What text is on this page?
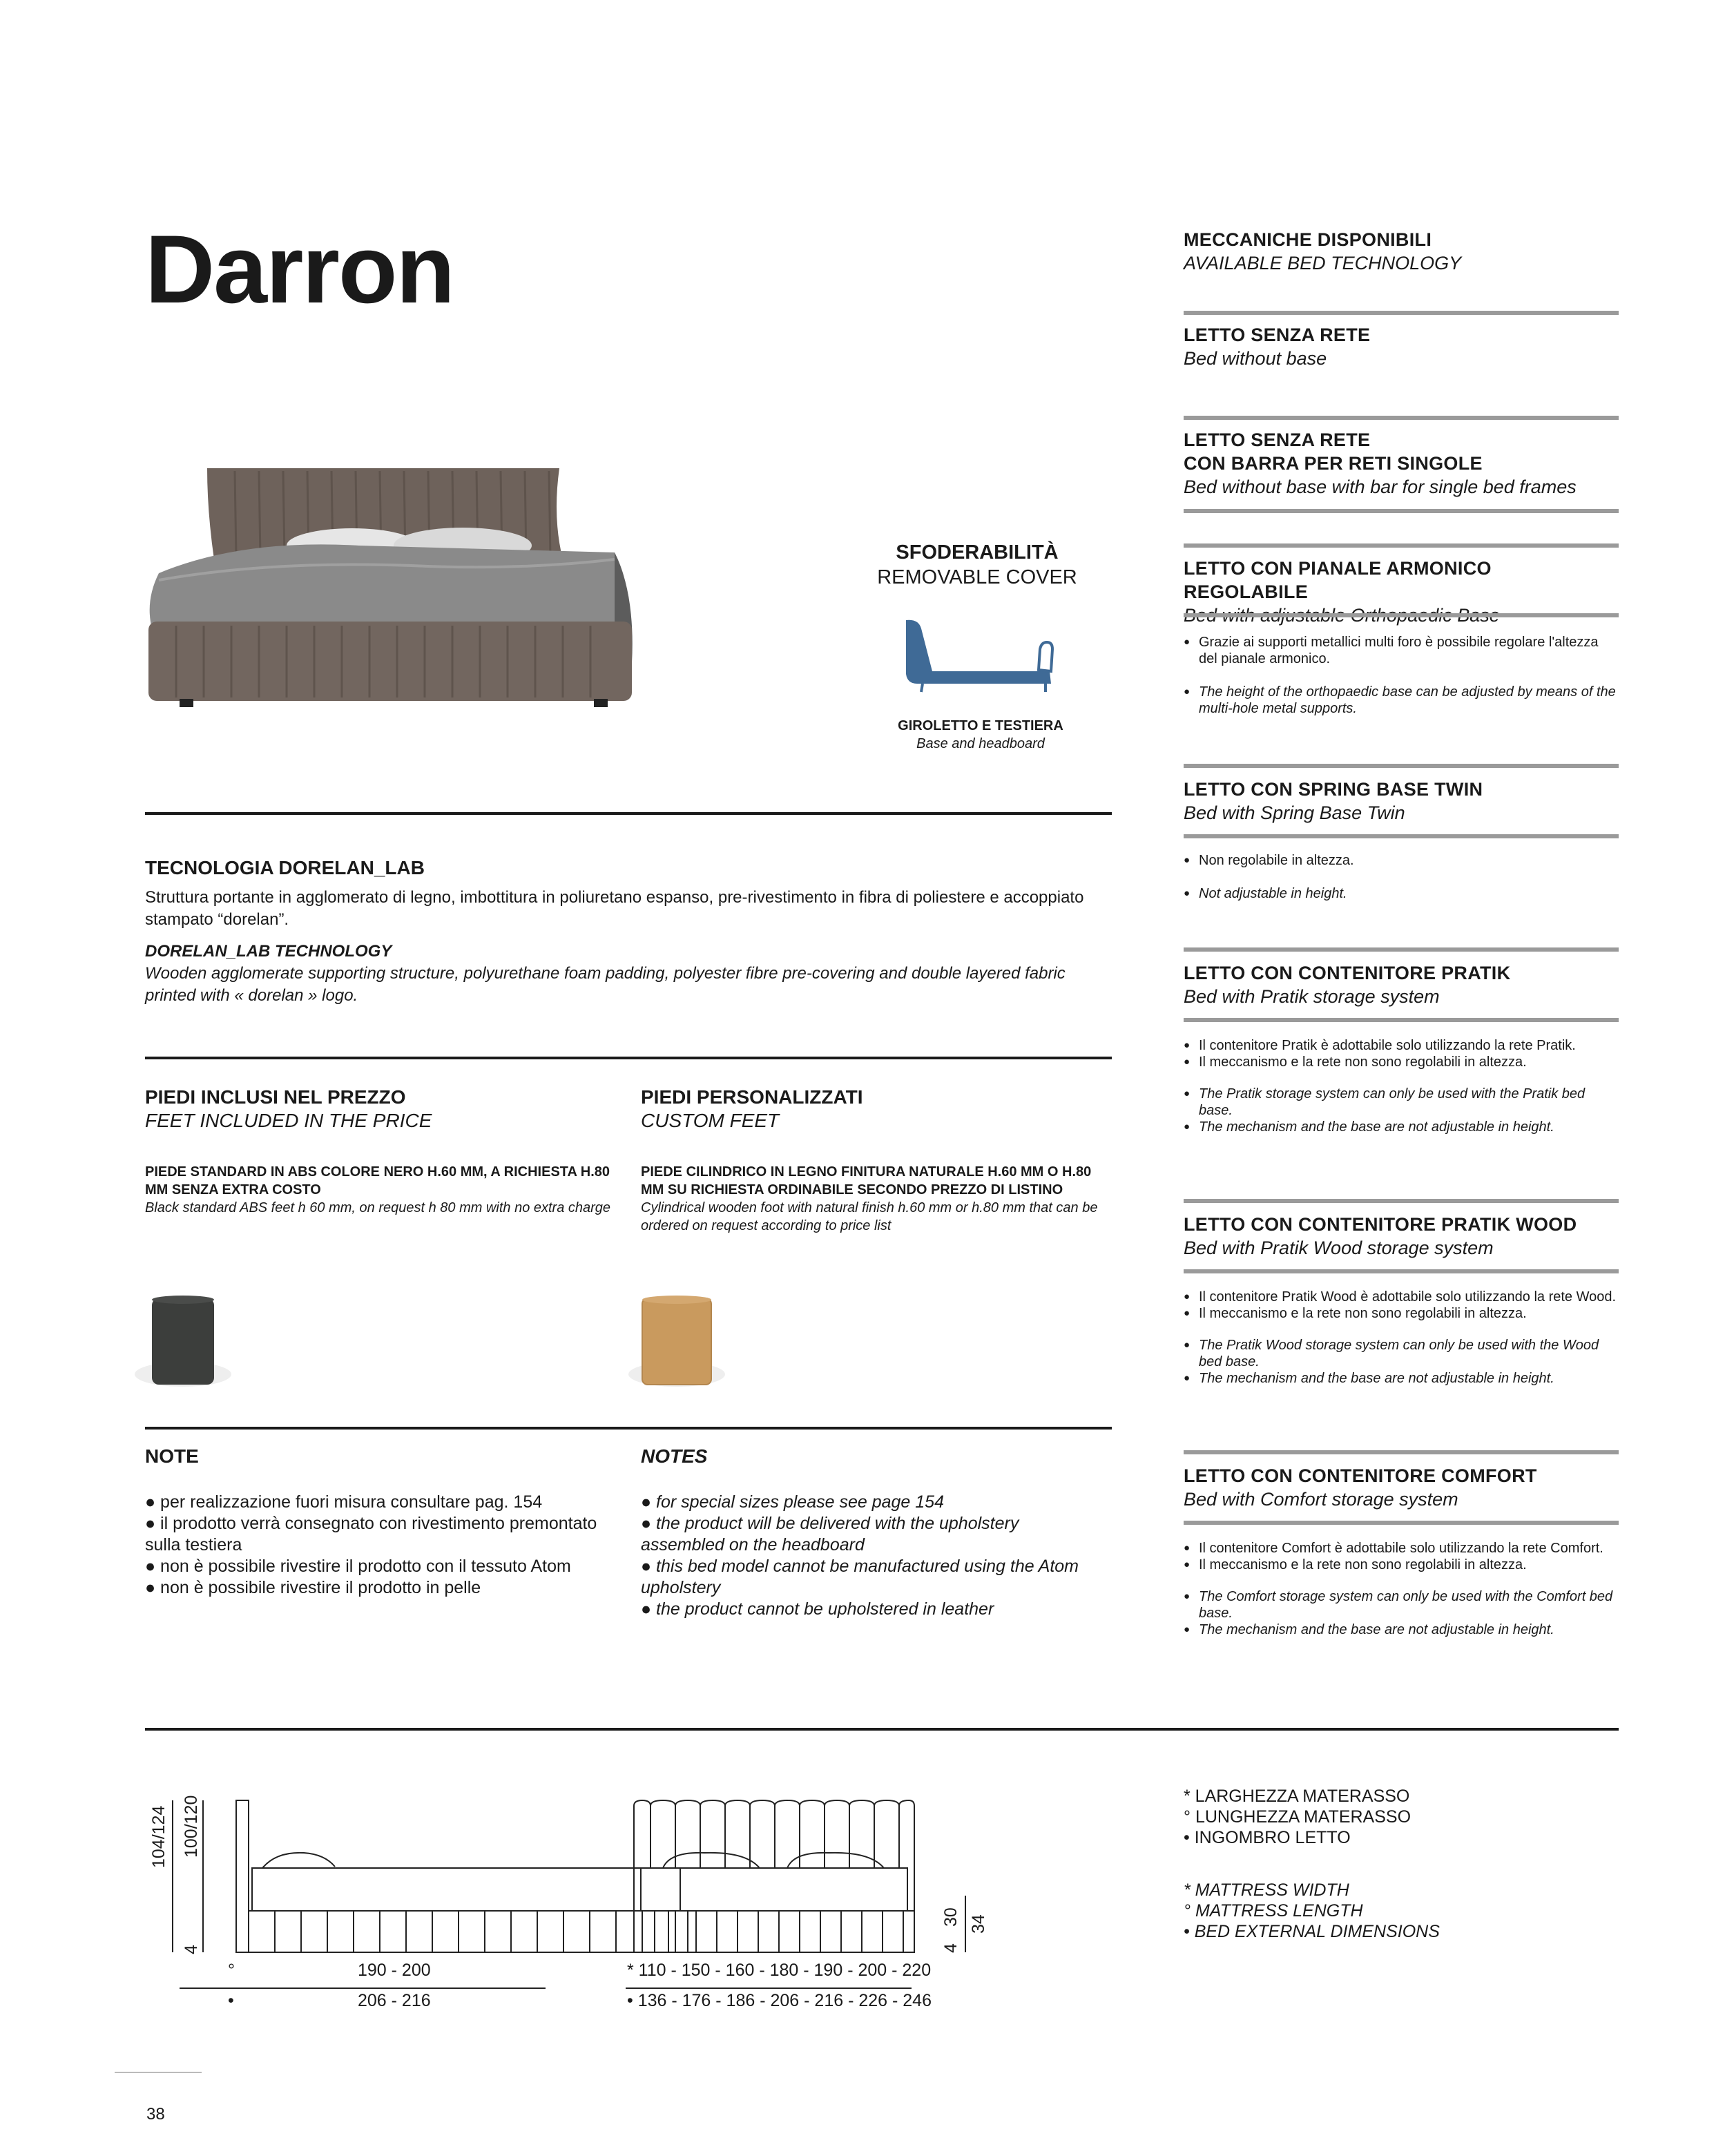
Darron
SFODERABILITÀ
REMOVABLE COVER
GIROLETTO E TESTIERA
Base and headboard
MECCANICHE DISPONIBILI
AVAILABLE BED TECHNOLOGY
LETTO SENZA RETE
Bed without base
LETTO SENZA RETE
CON BARRA PER RETI SINGOLE
Bed without base with bar for single bed frames
LETTO CON PIANALE ARMONICO REGOLABILE
● Grazie ai supporti metallici multi foro è possibile regolare l'altezza del pianale armonico.
● The height of the orthopaedic base can be adjusted by means of the multi-hole metal supports.
LETTO CON SPRING BASE TWIN
Bed with Spring Base Twin
● Non regolabile in altezza.
● Not adjustable in height.
LETTO CON CONTENITORE PRATIK
Bed with Pratik storage system
● Il contenitore Pratik è adottabile solo utilizzando la rete Pratik.
● Il meccanismo e la rete non sono regolabili in altezza.
● The Pratik storage system can only be used with the Pratik bed base.
● The mechanism and the base are not adjustable in height.
LETTO CON CONTENITORE PRATIK WOOD
Bed with Pratik Wood storage system
● Il contenitore Pratik Wood è adottabile solo utilizzando la rete Wood.
● Il meccanismo e la rete non sono regolabili in altezza.
● The Pratik Wood storage system can only be used with the Wood bed base.
● The mechanism and the base are not adjustable in height.
LETTO CON CONTENITORE COMFORT
Bed with Comfort storage system
● Il contenitore Comfort è adottabile solo utilizzando la rete Comfort.
● Il meccanismo e la rete non sono regolabili in altezza.
● The Comfort storage system can only be used with the Comfort bed base.
● The mechanism and the base are not adjustable in height.
TECNOLOGIA DORELAN_LAB
Struttura portante in agglomerato di legno, imbottitura in poliuretano espanso, pre-rivestimento in fibra di poliestere e accoppiato stampato “dorelan”.
DORELAN_LAB TECHNOLOGY
Wooden agglomerate supporting structure, polyurethane foam padding, polyester fibre pre-covering and double layered fabric printed with « dorelan » logo.
PIEDI INCLUSI NEL PREZZO
FEET INCLUDED IN THE PRICE
PIEDE STANDARD IN ABS COLORE NERO H.60 MM, A RICHIESTA H.80 MM SENZA EXTRA COSTO
Black standard ABS feet h 60 mm, on request h 80 mm with no extra charge
PIEDI PERSONALIZZATI
CUSTOM FEET
PIEDE CILINDRICO IN LEGNO FINITURA NATURALE H.60 MM O H.80 MM SU RICHIESTA ORDINABILE SECONDO PREZZO DI LISTINO
Cylindrical wooden foot with natural finish h.60 mm or h.80 mm that can be ordered on request according to price list
NOTE
● per realizzazione fuori misura consultare pag. 154
● il prodotto verrà consegnato con rivestimento premontato sulla testiera
● non è possibile rivestire il prodotto con il tessuto Atom
● non è possibile rivestire il prodotto in pelle
NOTES
● for special sizes please see page 154
● the product will be delivered with the upholstery assembled on the headboard
● this bed model cannot be manufactured using the Atom upholstery
● the product cannot be upholstered in leather
104/124 100/120
4	4
30 34
°	190 - 200
•	206 - 216
* 110 - 150 - 160 - 180 - 190 - 200 - 220
• 136 - 176 - 186 - 206 - 216 - 226 - 246
* LARGHEZZA MATERASSO
° LUNGHEZZA MATERASSO
• INGOMBRO LETTO
* MATTRESS WIDTH
° MATTRESS LENGTH
• BED EXTERNAL DIMENSIONS
38
